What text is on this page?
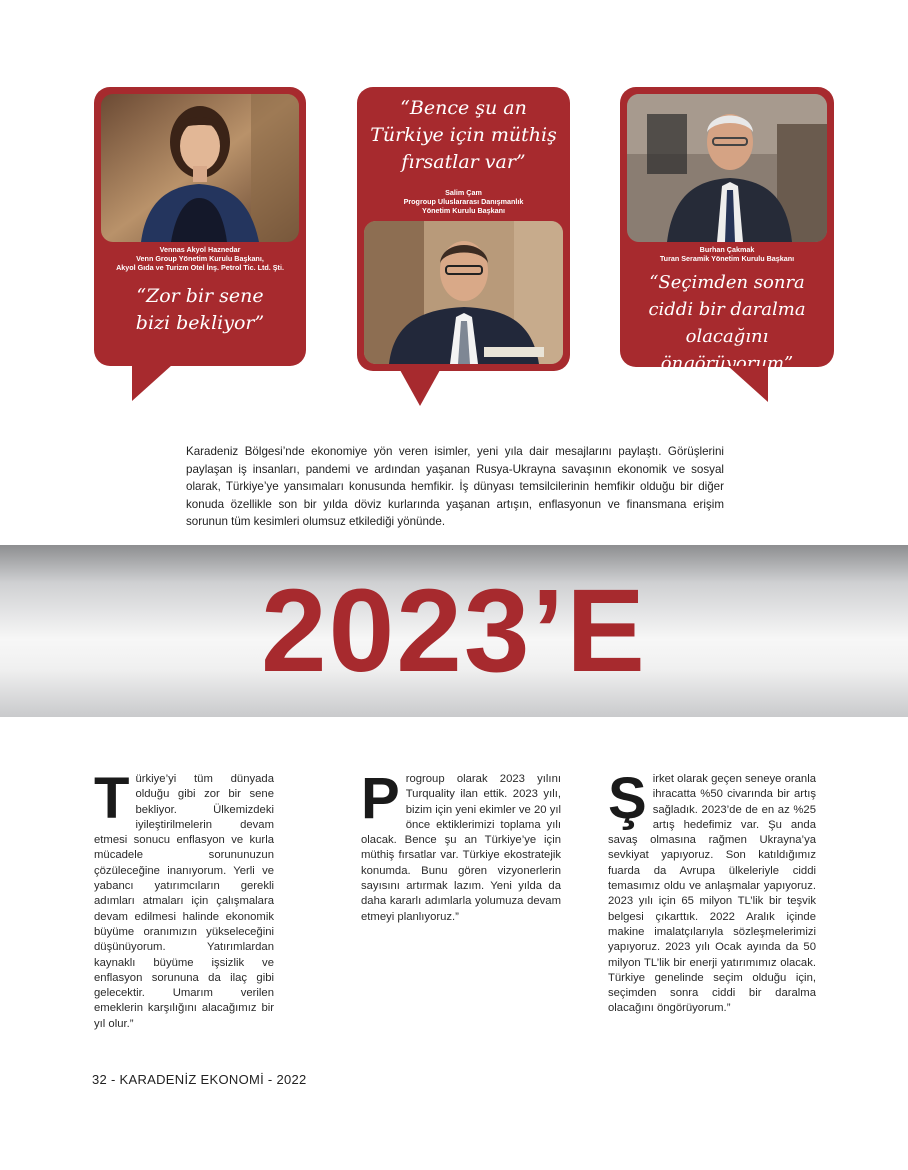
Vennas Akyol Haznedar
Venn Group Yönetim Kurulu Başkanı,
Akyol Gıda ve Turizm Otel İnş. Petrol Tic. Ltd. Şti.
“Zor bir sene
bizi bekliyor”
“Bence şu an
Türkiye için müthiş
fırsatlar var”
Salim Çam
Progroup Uluslararası Danışmanlık
Yönetim Kurulu Başkanı
Burhan Çakmak
Turan Seramik Yönetim Kurulu Başkanı
“Seçimden sonra
ciddi bir daralma
olacağını öngörüyorum”
Karadeniz Bölgesi’nde ekonomiye yön veren isimler, yeni yıla dair mesajlarını paylaştı. Görüşlerini paylaşan iş insanları, pandemi ve ardından yaşanan Rusya-Ukrayna savaşının ekonomik ve sosyal olarak, Türkiye’ye yansımaları konusunda hemfikir. İş dünyası temsilcilerinin hemfikir olduğu bir diğer konuda özellikle son bir yılda döviz kurlarında yaşanan artışın, enflasyonun ve finansmana erişim sorunun tüm kesimleri olumsuz etkilediği yönünde.
2023’E
Türkiye’yi tüm dünyada olduğu gibi zor bir sene bekliyor. Ülkemizdeki iyileştirilmelerin devam etmesi sonucu enflasyon ve kurla mücadele sorununuzun çözüleceğine inanıyorum. Yerli ve yabancı yatırımcıların gerekli adımları atmaları için çalışmalara devam edilmesi halinde ekonomik büyüme oranımızın yükseleceğini düşünüyorum. Yatırımlardan kaynaklı büyüme işsizlik ve enflasyon sorununa da ilaç gibi gelecektir. Umarım verilen emeklerin karşılığını alacağımız bir yıl olur.”
Progroup olarak 2023 yılını Turquality ilan ettik. 2023 yılı, bizim için yeni ekimler ve 20 yıl önce ektiklerimizi toplama yılı olacak. Bence şu an Türkiye’ye için müthiş fırsatlar var. Türkiye ekostratejik konumda. Bunu gören vizyonerlerin sayısını artırmak lazım. Yeni yılda da daha kararlı adımlarla yolumuza devam etmeyi planlıyoruz.”
Şirket olarak geçen seneye oranla ihracatta %50 civarında bir artış sağladık. 2023’de de en az %25 artış hedefimiz var. Şu anda savaş olmasına rağmen Ukrayna’ya sevkiyat yapıyoruz. Son katıldığımız fuarda da Avrupa ülkeleriyle ciddi temasımız oldu ve anlaşmalar yapıyoruz. 2023 yılı için 65 milyon TL’lik bir teşvik belgesi çıkarttık. 2022 Aralık içinde makine imalatçılarıyla sözleşmelerimizi yapıyoruz. 2023 yılı Ocak ayında da 50 milyon TL’lik bir enerji yatırımımız olacak. Türkiye genelinde seçim olduğu için, seçimden sonra ciddi bir daralma olacağını öngörüyorum.”
32 - KARADENİZ EKONOMİ - 2022
